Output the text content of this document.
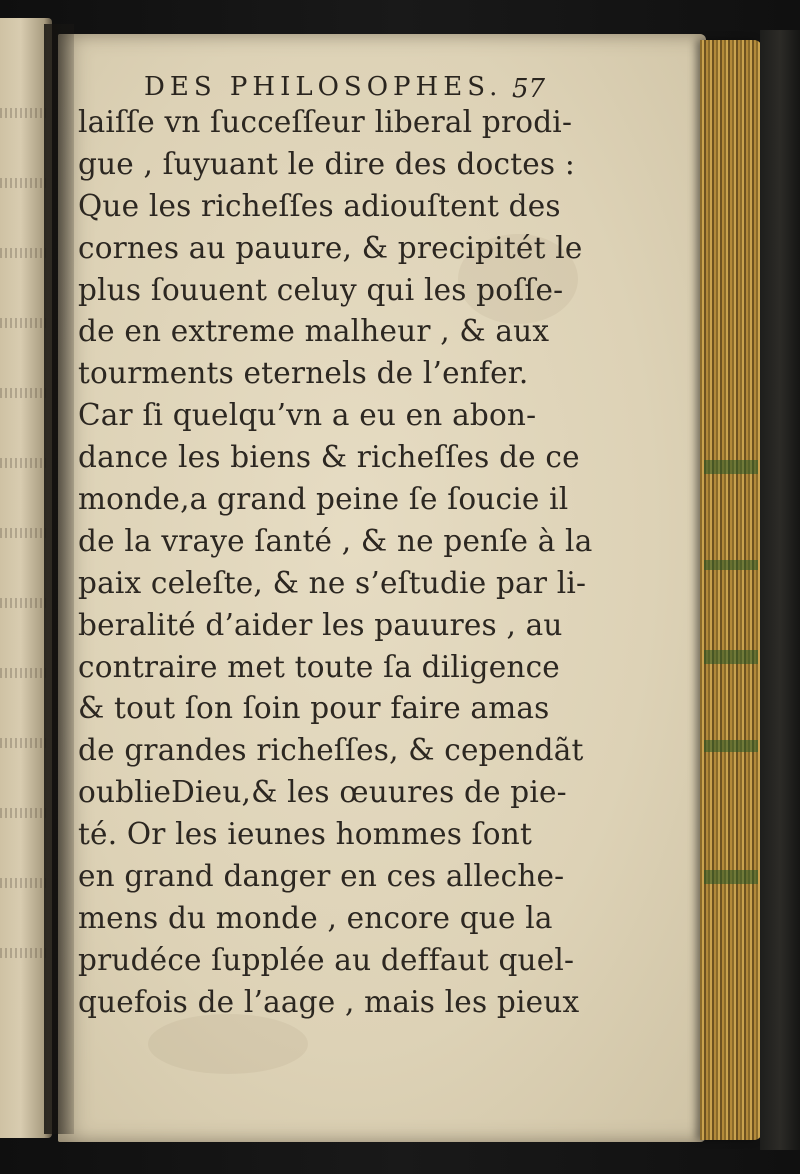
DES PHILOSOPHES. 57
laiſſe vn ſucceſſeur liberal prodi-
gue , ſuyuant le dire des doctes :
Que les richeſſes adiouſtent des
cornes au pauure, & precipitét le
plus ſouuent celuy qui les poſſe-
de en extreme malheur , & aux
tourments eternels de l’enfer.
Car ſi quelqu’vn a eu en abon-
dance les biens & richeſſes de ce
monde,a grand peine ſe ſoucie il
de la vraye ſanté , & ne penſe à la
paix celeſte, & ne s’eſtudie par li-
beralité d’aider les pauures , au
contraire met toute ſa diligence
& tout ſon ſoin pour faire amas
de grandes richeſſes, & cependãt
oublieDieu,& les œuures de pie-
té. Or les ieunes hommes ſont
en grand danger en ces alleche-
mens du monde , encore que la
prudéce ſupplée au deffaut quel-
quefois de l’aage , mais les pieux
